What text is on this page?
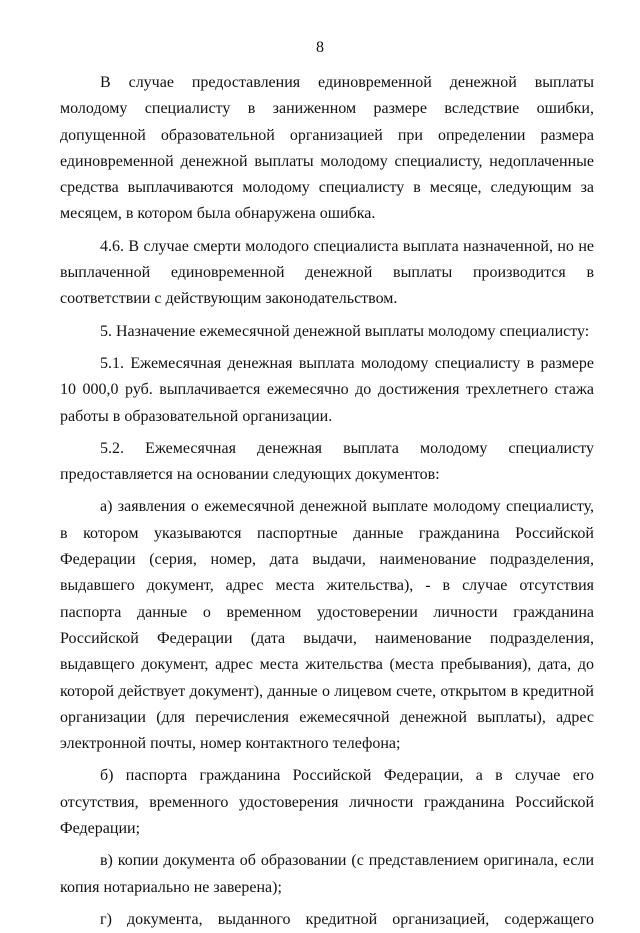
8

В случае предоставления единовременной денежной выплаты молодому специалисту в заниженном размере вследствие ошибки, допущенной образовательной организацией при определении размера единовременной денежной выплаты молодому специалисту, недоплаченные средства выплачиваются молодому специалисту в месяце, следующим за месяцем, в котором была обнаружена ошибка.

4.6. В случае смерти молодого специалиста выплата назначенной, но не выплаченной единовременной денежной выплаты производится в соответствии с действующим законодательством.

5. Назначение ежемесячной денежной выплаты молодому специалисту:

5.1. Ежемесячная денежная выплата молодому специалисту в размере 10 000,0 руб. выплачивается ежемесячно до достижения трехлетнего стажа работы в образовательной организации.

5.2. Ежемесячная денежная выплата молодому специалисту предоставляется на основании следующих документов:

а) заявления о ежемесячной денежной выплате молодому специалисту, в котором указываются паспортные данные гражданина Российской Федерации (серия, номер, дата выдачи, наименование подразделения, выдавшего документ, адрес места жительства), - в случае отсутствия паспорта данные о временном удостоверении личности гражданина Российской Федерации (дата выдачи, наименование подразделения, выдавщего документ, адрес места жительства (места пребывания), дата, до которой действует документ), данные о лицевом счете, открытом в кредитной организации (для перечисления ежемесячной денежной выплаты), адрес электронной почты, номер контактного телефона;

б) паспорта гражданина Российской Федерации, а в случае его отсутствия, временного удостоверения личности гражданина Российской Федерации;

в) копии документа об образовании (с представлением оригинала, если копия нотариально не заверена);

г) документа, выданного кредитной организацией, содержащего
